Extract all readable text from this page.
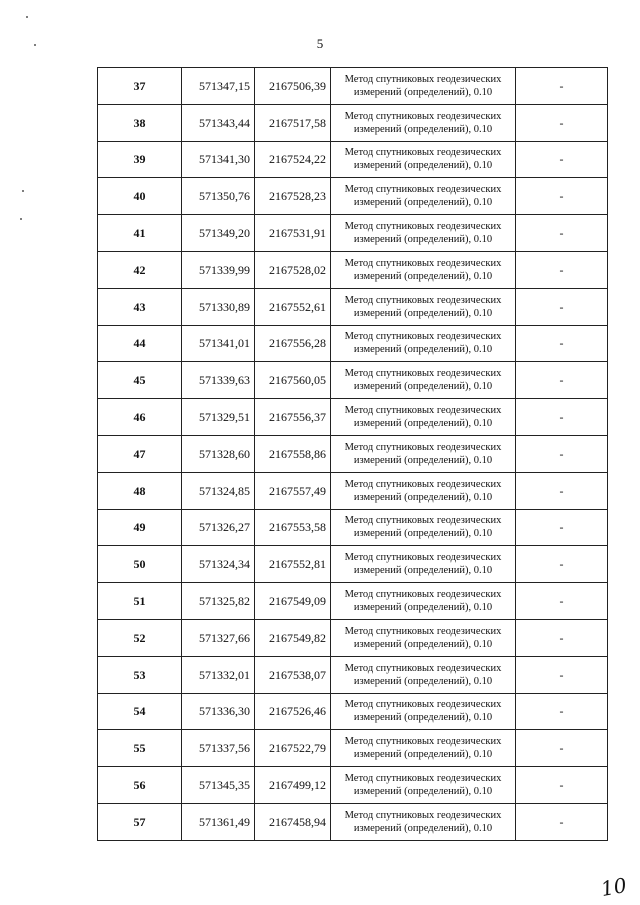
5
37	571347,15	2167506,39	Метод спутниковых геодезических измерений (определений), 0.10	-
38	571343,44	2167517,58	Метод спутниковых геодезических измерений (определений), 0.10	-
39	571341,30	2167524,22	Метод спутниковых геодезических измерений (определений), 0.10	-
40	571350,76	2167528,23	Метод спутниковых геодезических измерений (определений), 0.10	-
41	571349,20	2167531,91	Метод спутниковых геодезических измерений (определений), 0.10	-
42	571339,99	2167528,02	Метод спутниковых геодезических измерений (определений), 0.10	-
43	571330,89	2167552,61	Метод спутниковых геодезических измерений (определений), 0.10	-
44	571341,01	2167556,28	Метод спутниковых геодезических измерений (определений), 0.10	-
45	571339,63	2167560,05	Метод спутниковых геодезических измерений (определений), 0.10	-
46	571329,51	2167556,37	Метод спутниковых геодезических измерений (определений), 0.10	-
47	571328,60	2167558,86	Метод спутниковых геодезических измерений (определений), 0.10	-
48	571324,85	2167557,49	Метод спутниковых геодезических измерений (определений), 0.10	-
49	571326,27	2167553,58	Метод спутниковых геодезических измерений (определений), 0.10	-
50	571324,34	2167552,81	Метод спутниковых геодезических измерений (определений), 0.10	-
51	571325,82	2167549,09	Метод спутниковых геодезических измерений (определений), 0.10	-
52	571327,66	2167549,82	Метод спутниковых геодезических измерений (определений), 0.10	-
53	571332,01	2167538,07	Метод спутниковых геодезических измерений (определений), 0.10	-
54	571336,30	2167526,46	Метод спутниковых геодезических измерений (определений), 0.10	-
55	571337,56	2167522,79	Метод спутниковых геодезических измерений (определений), 0.10	-
56	571345,35	2167499,12	Метод спутниковых геодезических измерений (определений), 0.10	-
57	571361,49	2167458,94	Метод спутниковых геодезических измерений (определений), 0.10	-
10
